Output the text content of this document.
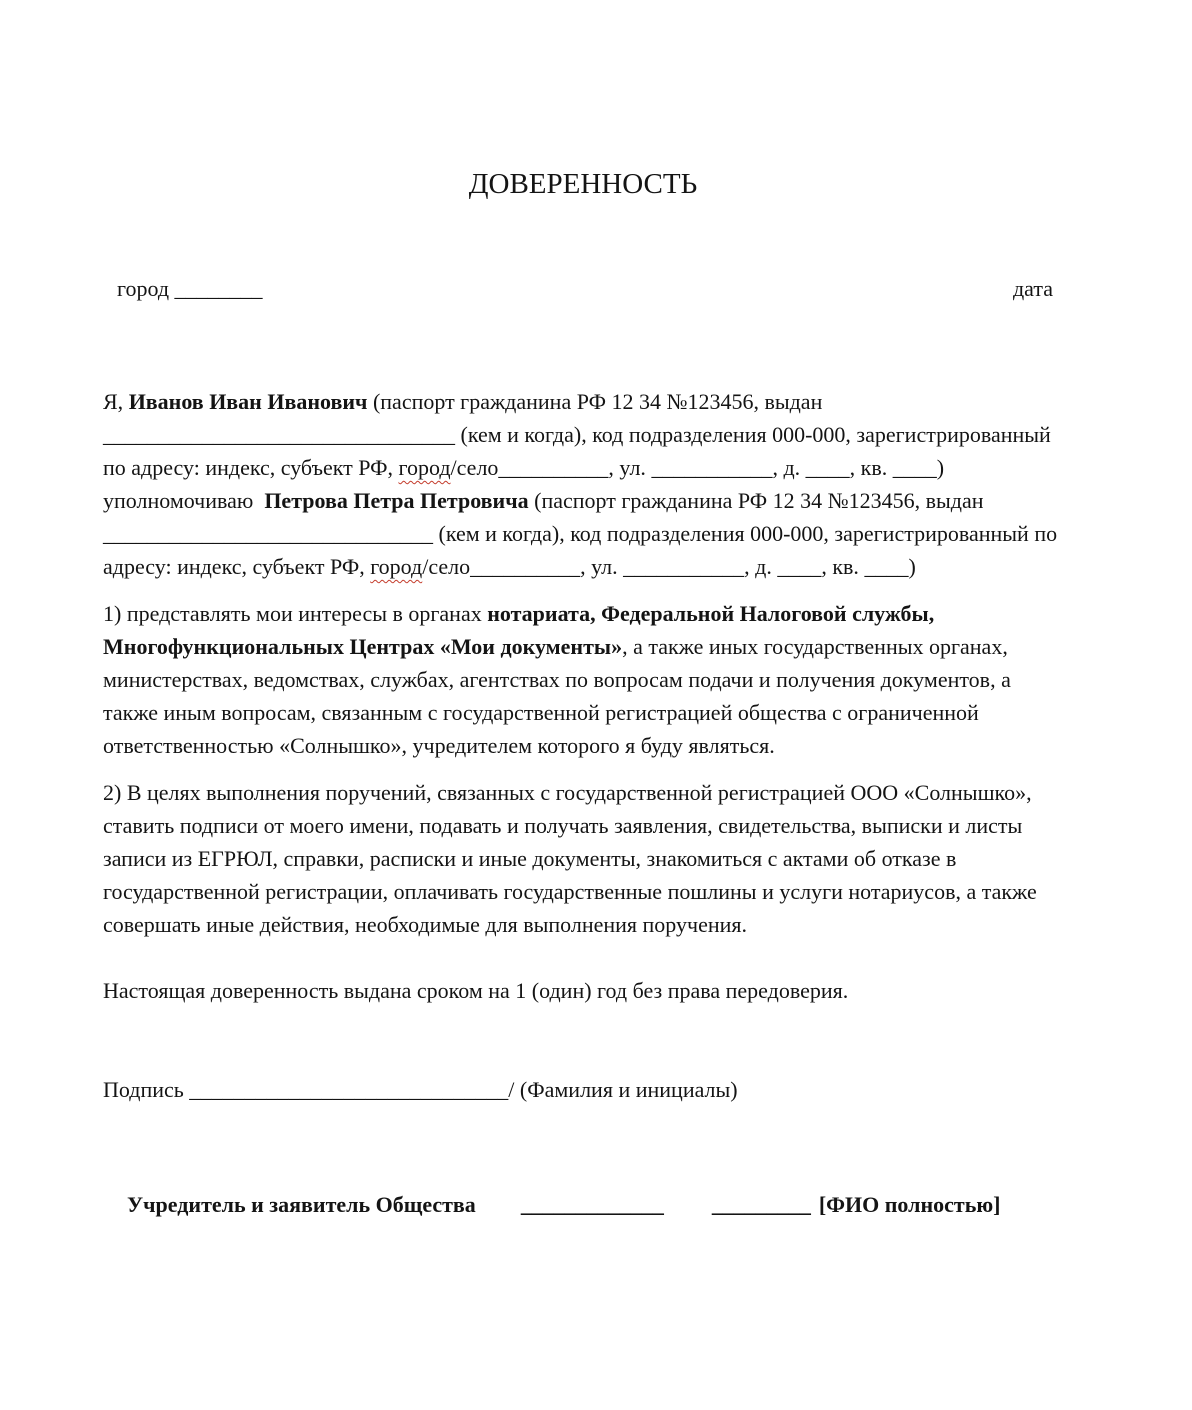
ДОВЕРЕННОСТЬ
город ________	дата

Я, Иванов Иван Иванович (паспорт гражданина РФ 12 34 №123456, выдан ________________________________ (кем и когда), код подразделения 000-000, зарегистрированный по адресу: индекс, субъект РФ, город/село__________, ул. ___________, д. ____, кв. ____) уполномочиваю  Петрова Петра Петровича (паспорт гражданина РФ 12 34 №123456, выдан ______________________________ (кем и когда), код подразделения 000-000, зарегистрированный по адресу: индекс, субъект РФ, город/село__________, ул. ___________, д. ____, кв. ____)

1) представлять мои интересы в органах нотариата, Федеральной Налоговой службы, Многофункциональных Центрах «Мои документы», а также иных государственных органах, министерствах, ведомствах, службах, агентствах по вопросам подачи и получения документов, а также иным вопросам, связанным с государственной регистрацией общества с ограниченной ответственностью «Солнышко», учредителем которого я буду являться.

2) В целях выполнения поручений, связанных с государственной регистрацией ООО «Солнышко», ставить подписи от моего имени, подавать и получать заявления, свидетельства, выписки и листы записи из ЕГРЮЛ, справки, расписки и иные документы, знакомиться с актами об отказе в государственной регистрации, оплачивать государственные пошлины и услуги нотариусов, а также совершать иные действия, необходимые для выполнения поручения.

Настоящая доверенность выдана сроком на 1 (один) год без права передоверия.

Подпись _____________________________/ (Фамилия и инициалы)

Учредитель и заявитель Общества _____________ _________ [ФИО полностью]
